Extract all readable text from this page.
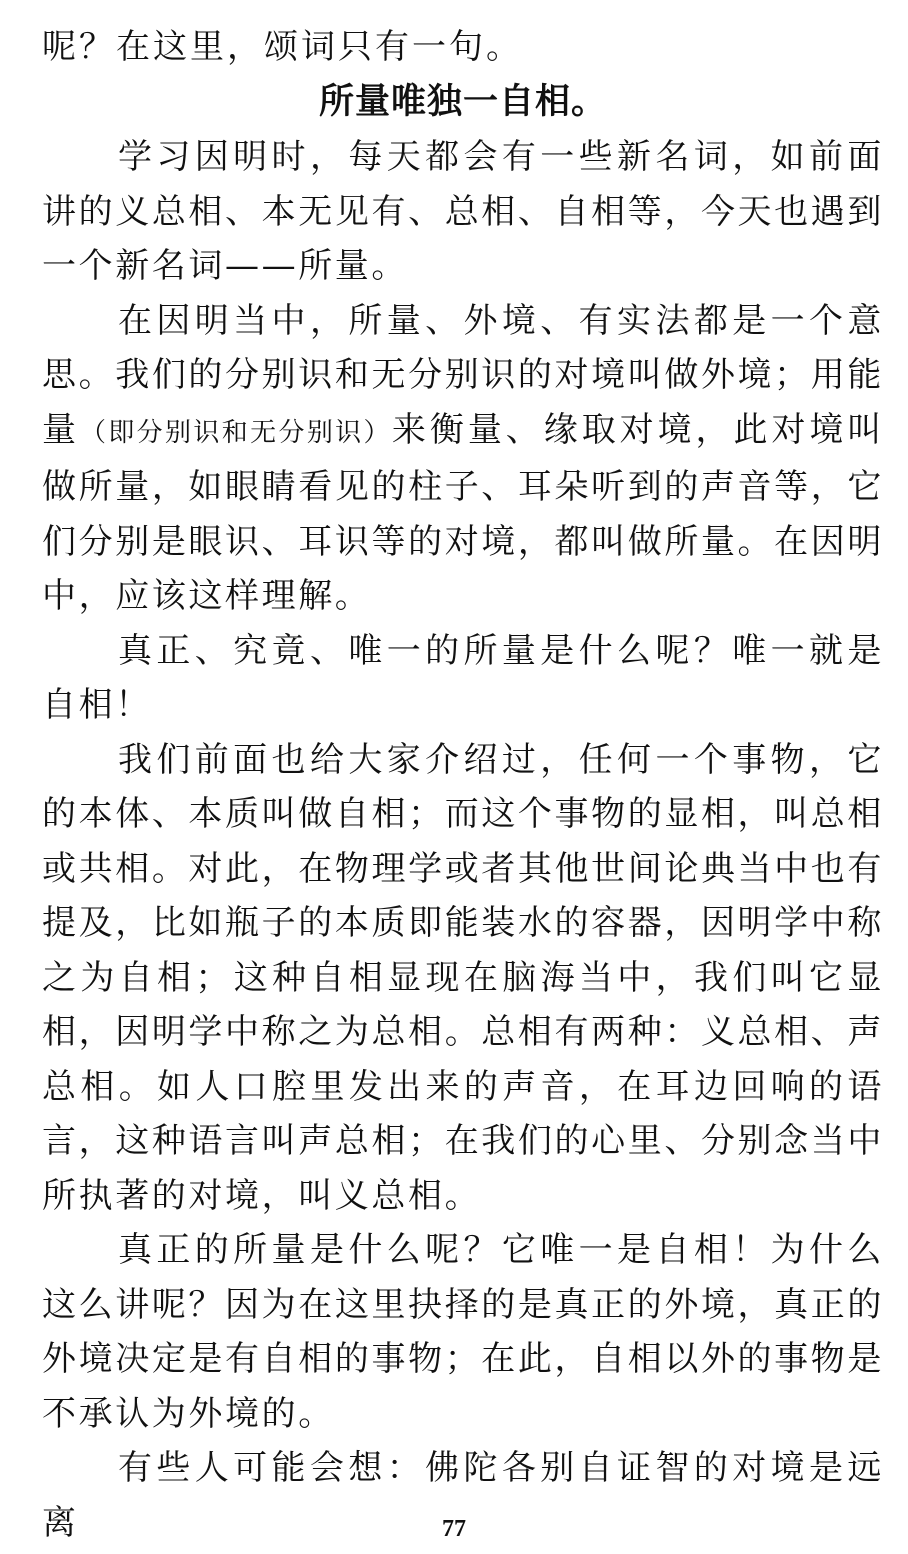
呢？在这里，颂词只有一句。

所量唯独一自相。

学习因明时，每天都会有一些新名词，如前面讲的义总相、本无见有、总相、自相等，今天也遇到一个新名词——所量。

在因明当中，所量、外境、有实法都是一个意思。我们的分别识和无分别识的对境叫做外境；用能量（即分别识和无分别识）来衡量、缘取对境，此对境叫做所量，如眼睛看见的柱子、耳朵听到的声音等，它们分别是眼识、耳识等的对境，都叫做所量。在因明中，应该这样理解。

真正、究竟、唯一的所量是什么呢？唯一就是自相！

我们前面也给大家介绍过，任何一个事物，它的本体、本质叫做自相；而这个事物的显相，叫总相或共相。对此，在物理学或者其他世间论典当中也有提及，比如瓶子的本质即能装水的容器，因明学中称之为自相；这种自相显现在脑海当中，我们叫它显相，因明学中称之为总相。总相有两种：义总相、声总相。如人口腔里发出来的声音，在耳边回响的语言，这种语言叫声总相；在我们的心里、分别念当中所执著的对境，叫义总相。

真正的所量是什么呢？它唯一是自相！为什么这么讲呢？因为在这里抉择的是真正的外境，真正的外境决定是有自相的事物；在此，自相以外的事物是不承认为外境的。

有些人可能会想：佛陀各别自证智的对境是远离	77
